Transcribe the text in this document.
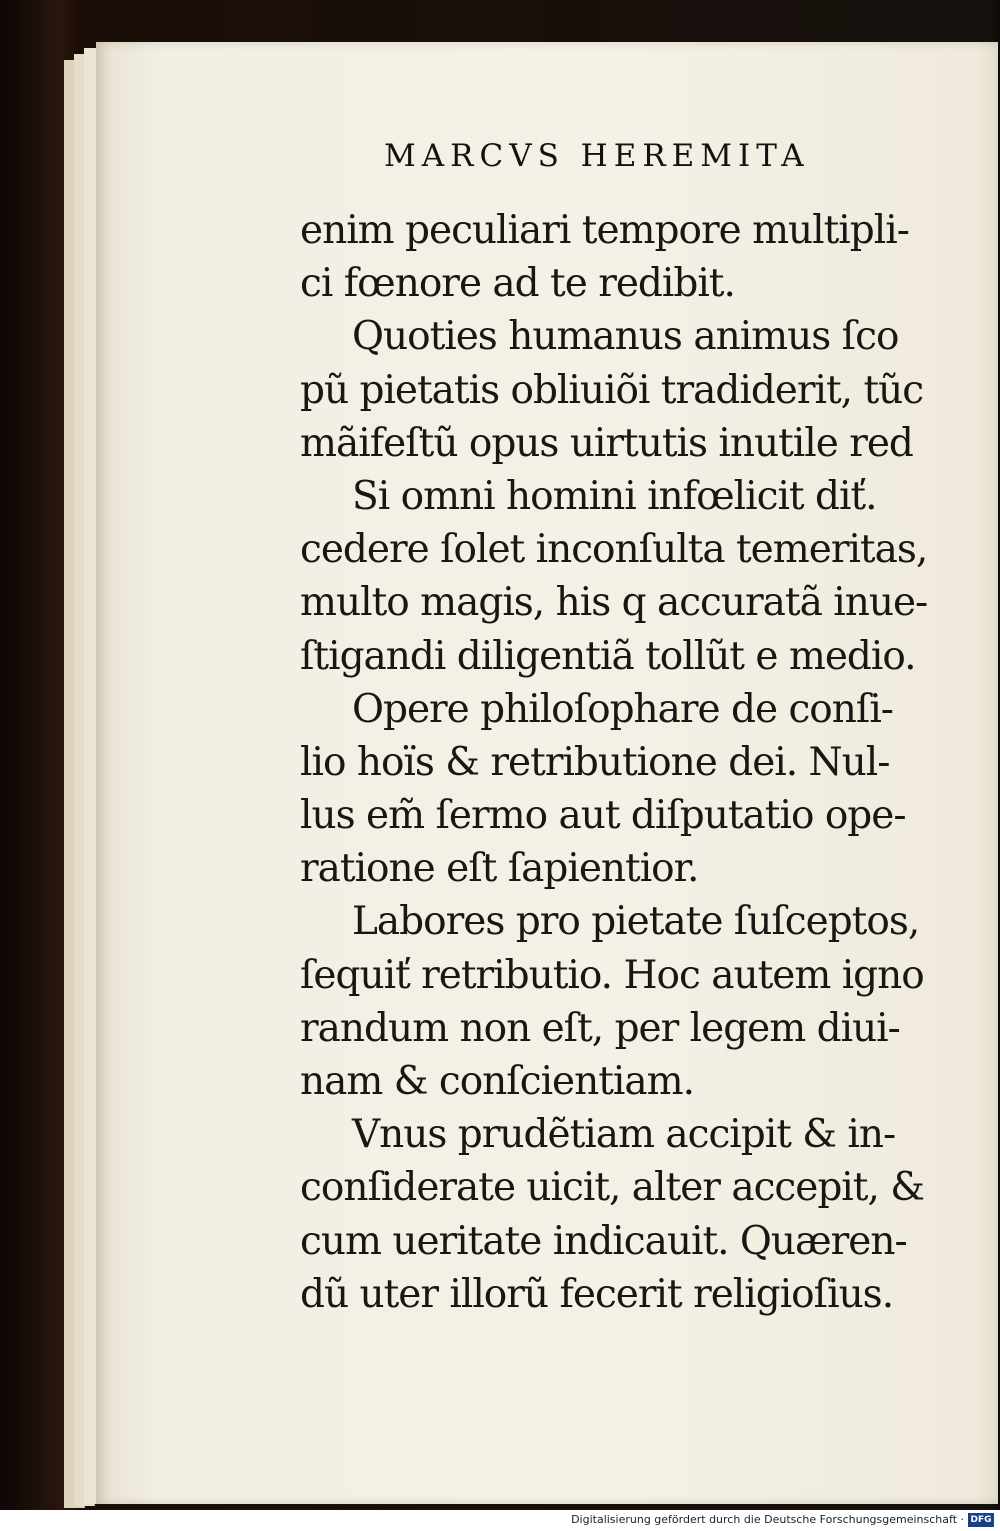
MARCVS HEREMITA
enim peculiari tempore multipli-
ci fœnore ad te redibit.
Quoties humanus animus ſco
pũ pietatis obliuiõi tradiderit, tũc
mãifeſtũ opus uirtutis inutile red
Si omni homini infœlicit diť.
cedere ſolet inconſulta temeritas,
multo magis, his q accuratã inue-
ſtigandi diligentiã tollũt e medio.
Opere philoſophare de conſi-
lio hoïs & retributione dei. Nul-
lus em̃ ſermo aut diſputatio ope-
ratione eſt ſapientior.
Labores pro pietate ſuſceptos,
ſequiť retributio. Hoc autem igno
randum non eſt, per legem diui-
nam & conſcientiam.
Vnus prudẽtiam accipit & in-
conſiderate uicit, alter accepit, &
cum ueritate indicauit. Quæren-
dũ uter illorũ fecerit religioſius.
Digitalisierung gefördert durch die Deutsche Forschungsgemeinschaft · DFG
